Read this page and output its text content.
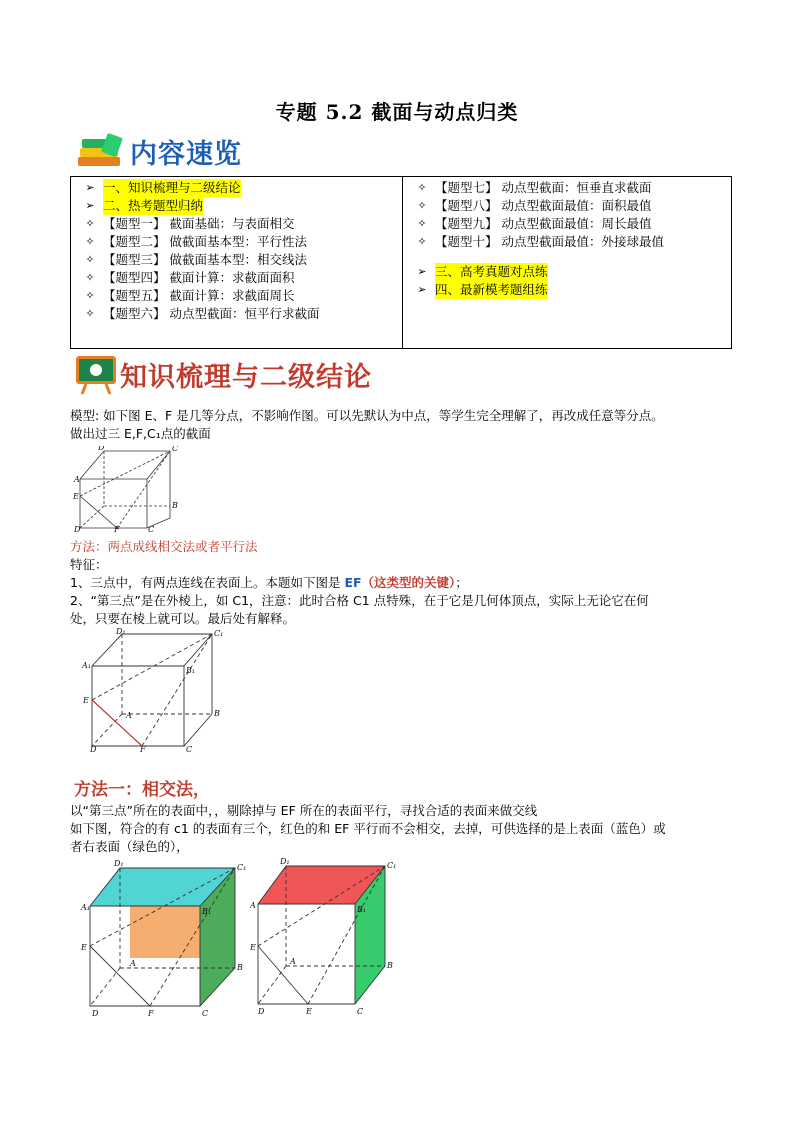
专题 5.2 截面与动点归类
内容速览
➢ 一、知识梳理与二级结论
➢ 二、热考题型归纳
✧ 【题型一】 截面基础：与表面相交
✧ 【题型二】 做截面基本型：平行性法
✧ 【题型三】 做截面基本型：相交线法
✧ 【题型四】 截面计算：求截面面积
✧ 【题型五】 截面计算：求截面周长
✧ 【题型六】 动点型截面：恒平行求截面
✧ 【题型七】 动点型截面：恒垂直求截面
✧ 【题型八】 动点型截面最值：面积最值
✧ 【题型九】 动点型截面最值：周长最值
✧ 【题型十】 动点型截面最值：外接球最值
➢ 三、高考真题对点练
➢ 四、最新模考题组练
知识梳理与二级结论
模型: 如下图 E、F 是几等分点，不影响作图。可以先默认为中点，等学生完全理解了，再改成任意等分点。
做出过三 E,F,C₁点的截面
A
D	C
E
F
B
D	C
方法：两点成线相交法或者平行法
特征：
1、三点中，有两点连线在表面上。本题如下图是 EF（这类型的关键）；
2、“第三点”是在外棱上，如 C1，注意：此时合格 C1 点特殊，在于它是几何体顶点，实际上无论它在何
处，只要在棱上就可以。最后处有解释。
D₁	C₁
A₁
B₁
E
A	B
D	F	C
方法一：相交法，
以“第三点”所在的表面中，，剔除掉与 EF 所在的表面平行，寻找合适的表面来做交线
如下图，符合的有 c1 的表面有三个，红色的和 EF 平行而不会相交，去掉，可供选择的是上表面（蓝色）或
者右表面（绿色的），
D₁	C₁
A₁	B₁
E
A	B
D	F	C
D₁	C₁
A	B₁
E
A	B
D	E	C
